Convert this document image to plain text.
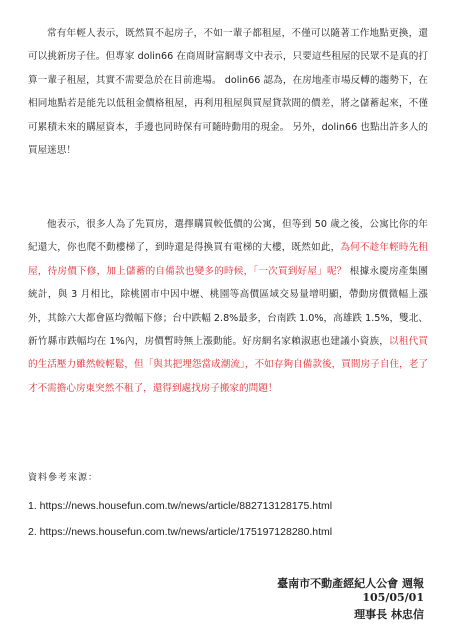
常有年輕人表示，既然買不起房子，不如一輩子都租屋，不僅可以隨著工作地點更換，還可以挑新房子住。但專家 dolin66 在商周財富網專文中表示，只要這些租屋的民眾不是真的打算一輩子租屋，其實不需要急於在目前進場。 dolin66 認為，在房地產市場反轉的趨勢下，在相同地點若是能先以低租金價格租屋，再利用租屋與買屋貸款間的價差，將之儲蓄起來，不僅可累積未來的購屋資本，手邊也同時保有可隨時動用的現金。 另外，dolin66 也點出許多人的買屋迷思！

他表示，很多人為了先買房，選擇購買較低價的公寓，但等到 50 歲之後，公寓比你的年紀還大，你也爬不動樓梯了，到時還是得換買有電梯的大樓，既然如此，為何不趁年輕時先租屋，待房價下修，加上儲蓄的自備款也變多的時候，「一次買到好屋」呢？ 根據永慶房產集團統計，與 3 月相比，除桃園市中因中壢、桃園等高價區域交易量增明顯，帶動房價微幅上漲外，其餘六大都會區均微幅下修；台中跌幅 2.8%最多，台南跌 1.0%，高雄跌 1.5%，雙北、新竹縣市跌幅均在 1%內，房價暫時無上漲動能。好房網名家賴淑惠也建議小資族，以租代買的生活壓力雖然較輕鬆，但「與其把埋怨當成潮流」，不如存夠自備款後，買間房子自住，老了才不需擔心房東突然不租了，還得到處找房子搬家的問題！

資料參考來源：
1. https://news.housefun.com.tw/news/article/882713128175.html
2. https://news.housefun.com.tw/news/article/175197128280.html
臺南市不動產經紀人公會 週報
105/05/01
理事長 林忠信
